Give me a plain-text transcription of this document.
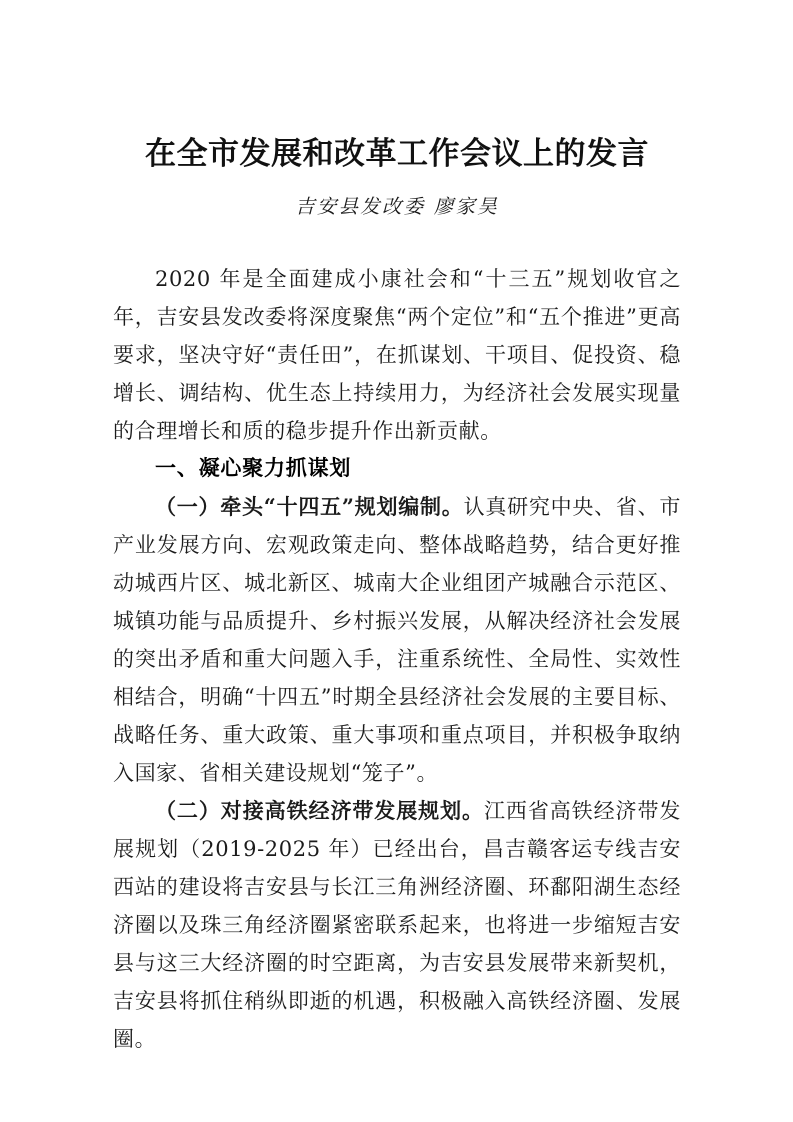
在全市发展和改革工作会议上的发言
吉安县发改委 廖家昊

2020 年是全面建成小康社会和“十三五”规划收官之年，吉安县发改委将深度聚焦“两个定位”和“五个推进”更高要求，坚决守好“责任田”，在抓谋划、干项目、促投资、稳增长、调结构、优生态上持续用力，为经济社会发展实现量的合理增长和质的稳步提升作出新贡献。

一、凝心聚力抓谋划

（一）牵头“十四五”规划编制。认真研究中央、省、市产业发展方向、宏观政策走向、整体战略趋势，结合更好推动城西片区、城北新区、城南大企业组团产城融合示范区、城镇功能与品质提升、乡村振兴发展，从解决经济社会发展的突出矛盾和重大问题入手，注重系统性、全局性、实效性相结合，明确“十四五”时期全县经济社会发展的主要目标、战略任务、重大政策、重大事项和重点项目，并积极争取纳入国家、省相关建设规划“笼子”。

（二）对接高铁经济带发展规划。江西省高铁经济带发展规划（2019-2025 年）已经出台，昌吉赣客运专线吉安西站的建设将吉安县与长江三角洲经济圈、环鄱阳湖生态经济圈以及珠三角经济圈紧密联系起来，也将进一步缩短吉安县与这三大经济圈的时空距离，为吉安县发展带来新契机，吉安县将抓住稍纵即逝的机遇，积极融入高铁经济圈、发展圈。
